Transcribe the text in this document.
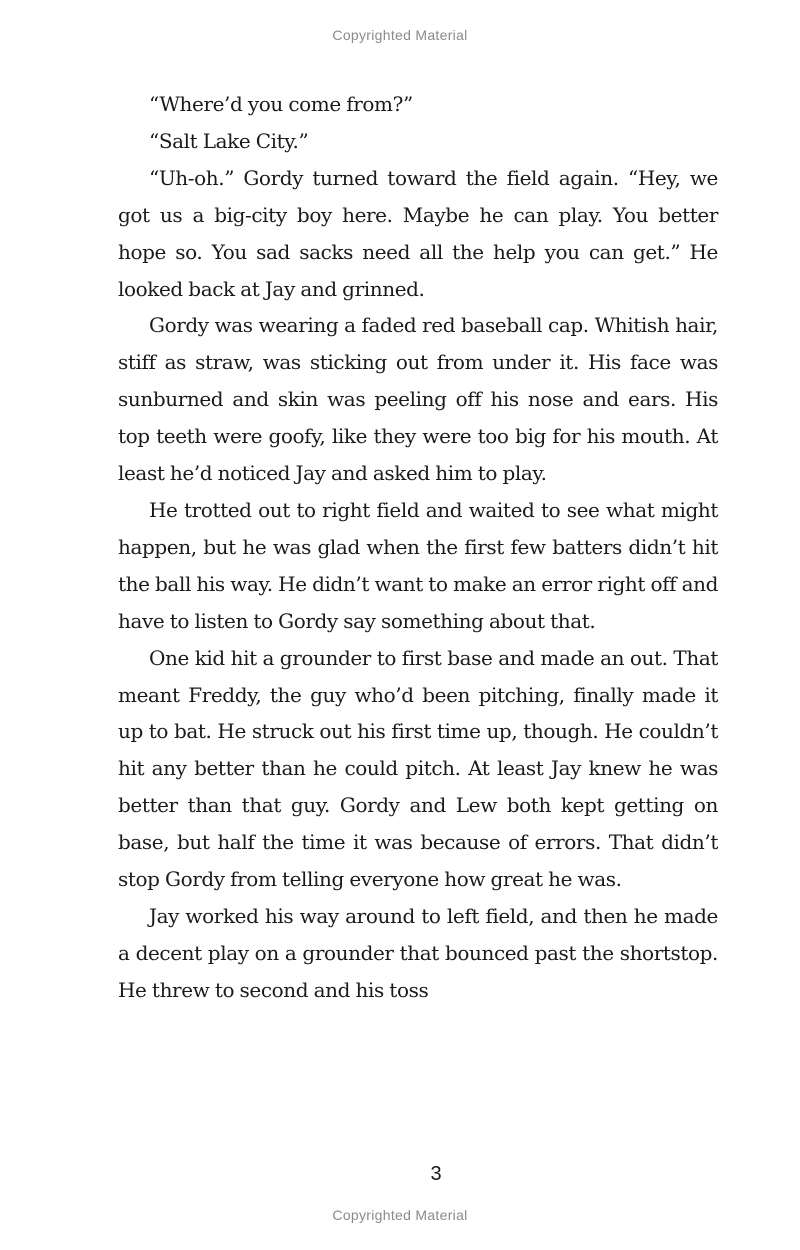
Copyrighted Material

“Where’d you come from?”

“Salt Lake City.”

“Uh-oh.” Gordy turned toward the field again. “Hey, we got us a big-city boy here. Maybe he can play. You better hope so. You sad sacks need all the help you can get.” He looked back at Jay and grinned.

Gordy was wearing a faded red baseball cap. Whitish hair, stiff as straw, was sticking out from under it. His face was sunburned and skin was peeling off his nose and ears. His top teeth were goofy, like they were too big for his mouth. At least he’d noticed Jay and asked him to play.

He trotted out to right field and waited to see what might happen, but he was glad when the first few batters didn’t hit the ball his way. He didn’t want to make an error right off and have to listen to Gordy say something about that.

One kid hit a grounder to first base and made an out. That meant Freddy, the guy who’d been pitching, finally made it up to bat. He struck out his first time up, though. He couldn’t hit any better than he could pitch. At least Jay knew he was better than that guy. Gordy and Lew both kept getting on base, but half the time it was because of errors. That didn’t stop Gordy from telling everyone how great he was.

Jay worked his way around to left field, and then he made a decent play on a grounder that bounced past the shortstop. He threw to second and his toss

3
Copyrighted Material
